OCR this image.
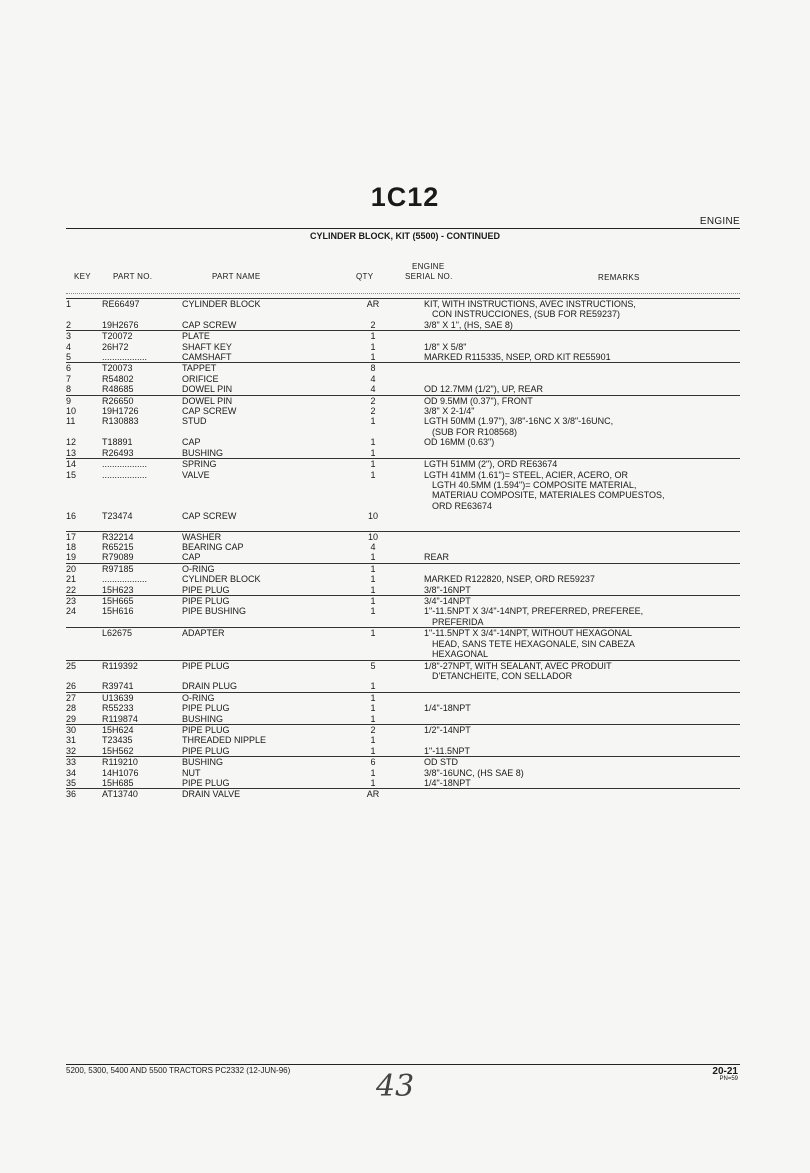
1C12
ENGINE
CYLINDER BLOCK, KIT (5500) - CONTINUED
KEY	PART NO.	PART NAME	QTY
ENGINE
SERIAL NO.	REMARKS
1	RE66497	CYLINDER BLOCK	AR		KIT, WITH INSTRUCTIONS, AVEC INSTRUCTIONS,
					CON INSTRUCCIONES, (SUB FOR RE59237)
2	19H2676	CAP SCREW	2		3/8" X 1", (HS, SAE 8)
3	T20072	PLATE	1		
4	26H72	SHAFT KEY	1		1/8" X 5/8"
5	..................	CAMSHAFT	1		MARKED R115335, NSEP, ORD KIT RE55901
6	T20073	TAPPET	8		
7	R54802	ORIFICE	4		
8	R48685	DOWEL PIN	4		OD 12.7MM (1/2"), UP, REAR
9	R26650	DOWEL PIN	2		OD 9.5MM (0.37"), FRONT
10	19H1726	CAP SCREW	2		3/8" X 2-1/4"
11	R130883	STUD	1		LGTH 50MM (1.97"), 3/8"-16NC X 3/8"-16UNC,
					(SUB FOR R108568)
12	T18891	CAP	1		OD 16MM (0.63")
13	R26493	BUSHING	1		
14	..................	SPRING	1		LGTH 51MM (2"), ORD RE63674
15	..................	VALVE	1		LGTH 41MM (1.61")= STEEL, ACIER, ACERO, OR
					LGTH 40.5MM (1.594")= COMPOSITE MATERIAL,
					MATERIAU COMPOSITE, MATERIALES COMPUESTOS,
					ORD RE63674
16	T23474	CAP SCREW	10		
17	R32214	WASHER	10		
18	R65215	BEARING CAP	4		
19	R79089	CAP	1		REAR
20	R97185	O-RING	1		
21	..................	CYLINDER BLOCK	1		MARKED R122820, NSEP, ORD RE59237
22	15H623	PIPE PLUG	1		3/8"-16NPT
23	15H665	PIPE PLUG	1		3/4"-14NPT
24	15H616	PIPE BUSHING	1		1"-11.5NPT X 3/4"-14NPT, PREFERRED, PREFEREE,
					PREFERIDA
	L62675	ADAPTER	1		1"-11.5NPT X 3/4"-14NPT, WITHOUT HEXAGONAL
					HEAD, SANS TETE HEXAGONALE, SIN CABEZA
					HEXAGONAL
25	R119392	PIPE PLUG	5		1/8"-27NPT, WITH SEALANT, AVEC PRODUIT
					D'ETANCHEITE, CON SELLADOR
26	R39741	DRAIN PLUG	1		
27	U13639	O-RING	1		
28	R55233	PIPE PLUG	1		1/4"-18NPT
29	R119874	BUSHING	1		
30	15H624	PIPE PLUG	2		1/2"-14NPT
31	T23435	THREADED NIPPLE	1		
32	15H562	PIPE PLUG	1		1"-11.5NPT
33	R119210	BUSHING	6		OD STD
34	14H1076	NUT	1		3/8"-16UNC, (HS SAE 8)
35	15H685	PIPE PLUG	1		1/4"-18NPT
36	AT13740	DRAIN VALVE	AR		
5200, 5300, 5400 AND 5500 TRACTORS PC2332 (12-JUN-96)	20-21
PN=59
43
